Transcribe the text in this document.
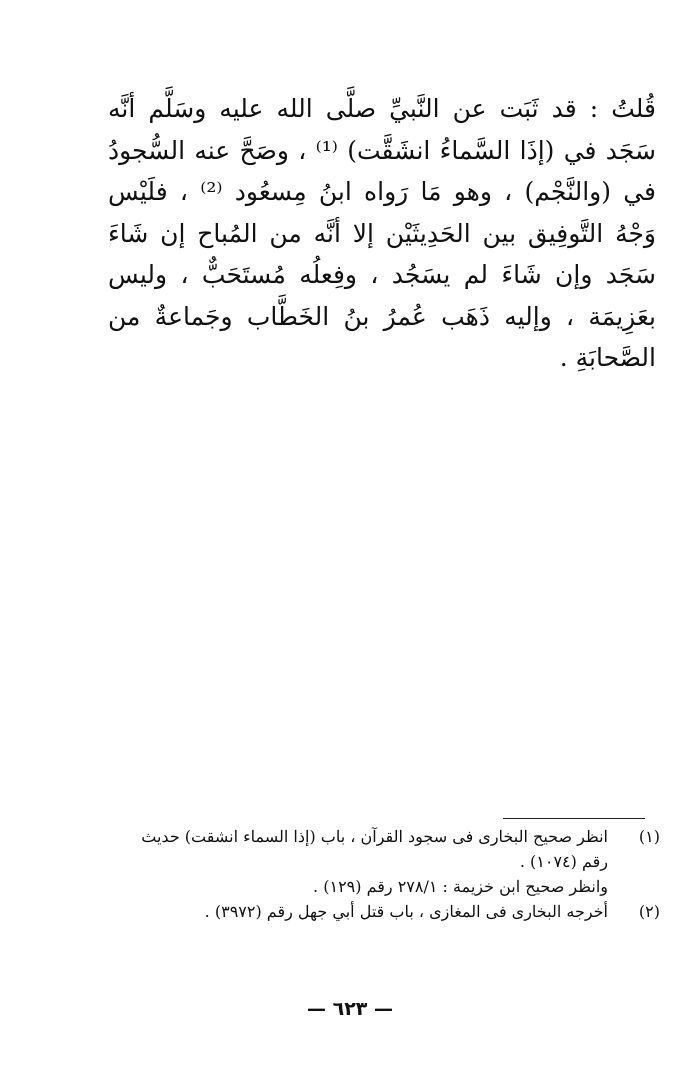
قُلتُ : قد ثَبَت عن النَّبيِّ صلَّى الله عليه وسَلَّم أنَّه سَجَد في (إذَا السَّماءُ انشَقَّت) ⁽¹⁾ ، وصَحَّ عنه السُّجودُ في (والنَّجْم) ، وهو مَا رَواه ابنُ مِسعُود ⁽²⁾ ، فلَيْس وَجْهُ التَّوفِيق بين الحَدِيثَيْن إلا أنَّه من المُباح إن شَاءَ سَجَد وإن شَاءَ لم يسَجُد ، وفِعلُه مُستَحَبٌّ ، وليس بعَزِيمَة ، وإليه ذَهَب عُمرُ بنُ الخَطَّاب وجَماعةٌ من الصَّحابَةِ .

(١)
انظر صحيح البخارى فى سجود القرآن ، باب (إذا السماء انشقت) حديث رقم (١٠٧٤) .
وانظر صحيح ابن خزيمة : ٢٧٨/١ رقم (١٢٩) .
(٢)
أخرجه البخارى فى المغازى ، باب قتل أبي جهل رقم (٣٩٧٢) .
— ٦٢٣ —
